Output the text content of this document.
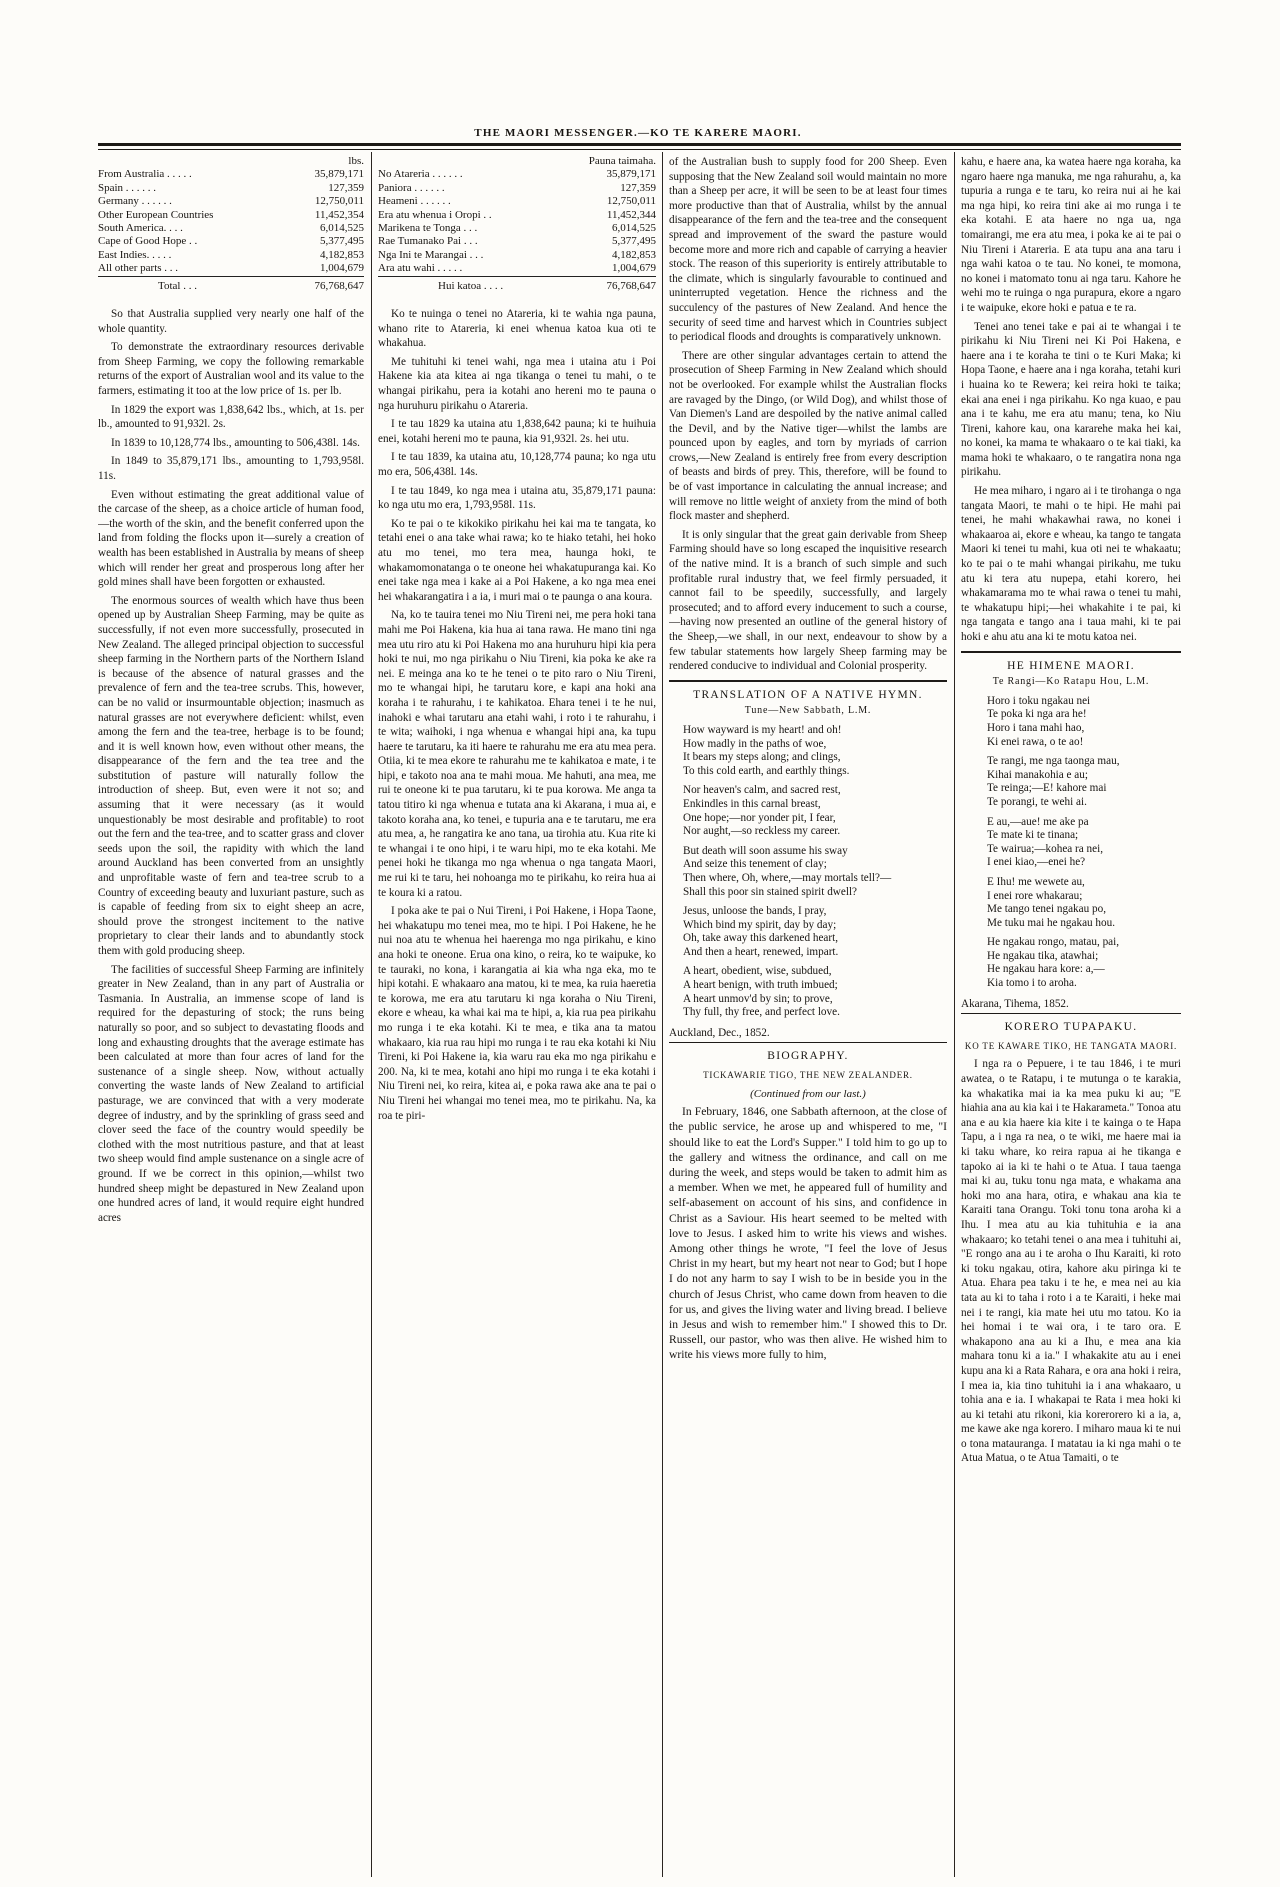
THE MAORI MESSENGER.—KO TE KARERE MAORI.
	lbs.
From Australia . . . . .	35,879,171
Spain . . . . . .	127,359
Germany . . . . . .	12,750,011
Other European Countries	11,452,354
South America. . . .	6,014,525
Cape of Good Hope . .	5,377,495
East Indies. . . . .	4,182,853
All other parts . . .	1,004,679
Total . . .	76,768,647

So that Australia supplied very nearly one half of the whole quantity.

To demonstrate the extraordinary resources derivable from Sheep Farming, we copy the following remarkable returns of the export of Australian wool and its value to the farmers, estimating it too at the low price of 1s. per lb.

In 1829 the export was 1,838,642 lbs., which, at 1s. per lb., amounted to 91,932l. 2s.

In 1839 to 10,128,774 lbs., amounting to 506,438l. 14s.

In 1849 to 35,879,171 lbs., amounting to 1,793,958l. 11s.

Even without estimating the great additional value of the carcase of the sheep, as a choice article of human food,—the worth of the skin, and the benefit conferred upon the land from folding the flocks upon it—surely a creation of wealth has been established in Australia by means of sheep which will render her great and prosperous long after her gold mines shall have been forgotten or exhausted.

The enormous sources of wealth which have thus been opened up by Australian Sheep Farming, may be quite as successfully, if not even more successfully, prosecuted in New Zealand. The alleged principal objection to successful sheep farming in the Northern parts of the Northern Island is because of the absence of natural grasses and the prevalence of fern and the tea-tree scrubs. This, however, can be no valid or insurmountable objection; inasmuch as natural grasses are not everywhere deficient: whilst, even among the fern and the tea-tree, herbage is to be found; and it is well known how, even without other means, the disappearance of the fern and the tea tree and the substitution of pasture will naturally follow the introduction of sheep. But, even were it not so; and assuming that it were necessary (as it would unquestionably be most desirable and profitable) to root out the fern and the tea-tree, and to scatter grass and clover seeds upon the soil, the rapidity with which the land around Auckland has been converted from an unsightly and unprofitable waste of fern and tea-tree scrub to a Country of exceeding beauty and luxuriant pasture, such as is capable of feeding from six to eight sheep an acre, should prove the strongest incitement to the native proprietary to clear their lands and to abundantly stock them with gold producing sheep.

The facilities of successful Sheep Farming are infinitely greater in New Zealand, than in any part of Australia or Tasmania. In Australia, an immense scope of land is required for the depasturing of stock; the runs being naturally so poor, and so subject to devastating floods and long and exhausting droughts that the average estimate has been calculated at more than four acres of land for the sustenance of a single sheep. Now, without actually converting the waste lands of New Zealand to artificial pasturage, we are convinced that with a very moderate degree of industry, and by the sprinkling of grass seed and clover seed the face of the country would speedily be clothed with the most nutritious pasture, and that at least two sheep would find ample sustenance on a single acre of ground. If we be correct in this opinion,—whilst two hundred sheep might be depastured in New Zealand upon one hundred acres of land, it would require eight hundred acres

	Pauna taimaha.
No Atareria . . . . . .	35,879,171
Paniora . . . . . .	127,359
Heameni . . . . . .	12,750,011
Era atu whenua i Oropi . .	11,452,344
Marikena te Tonga . . .	6,014,525
Rae Tumanako Pai . . .	5,377,495
Nga Ini te Marangai . . .	4,182,853
Ara atu wahi . . . . .	1,004,679
Hui katoa . . . .	76,768,647

Ko te nuinga o tenei no Atareria, ki te wahia nga pauna, whano rite to Atareria, ki enei whenua katoa kua oti te whakahua.

Me tuhituhi ki tenei wahi, nga mea i utaina atu i Poi Hakene kia ata kitea ai nga tikanga o tenei tu mahi, o te whangai pirikahu, pera ia kotahi ano hereni mo te pauna o nga huruhuru pirikahu o Atareria.

I te tau 1829 ka utaina atu 1,838,642 pauna; ki te huihuia enei, kotahi hereni mo te pauna, kia 91,932l. 2s. hei utu.

I te tau 1839, ka utaina atu, 10,128,774 pauna; ko nga utu mo era, 506,438l. 14s.

I te tau 1849, ko nga mea i utaina atu, 35,879,171 pauna: ko nga utu mo era, 1,793,958l. 11s.

Ko te pai o te kikokiko pirikahu hei kai ma te tangata, ko tetahi enei o ana take whai rawa; ko te hiako tetahi, hei hoko atu mo tenei, mo tera mea, haunga hoki, te whakamomonatanga o te oneone hei whakatupuranga kai. Ko enei take nga mea i kake ai a Poi Hakene, a ko nga mea enei hei whakarangatira i a ia, i muri mai o te paunga o ana koura.

Na, ko te tauira tenei mo Niu Tireni nei, me pera hoki tana mahi me Poi Hakena, kia hua ai tana rawa. He mano tini nga mea utu riro atu ki Poi Hakena mo ana huruhuru hipi kia pera hoki te nui, mo nga pirikahu o Niu Tireni, kia poka ke ake ra nei. E meinga ana ko te he tenei o te pito raro o Niu Tireni, mo te whangai hipi, he tarutaru kore, e kapi ana hoki ana koraha i te rahurahu, i te kahikatoa. Ehara tenei i te he nui, inahoki e whai tarutaru ana etahi wahi, i roto i te rahurahu, i te wita; waihoki, i nga whenua e whangai hipi ana, ka tupu haere te tarutaru, ka iti haere te rahurahu me era atu mea pera. Otiia, ki te mea ekore te rahurahu me te kahikatoa e mate, i te hipi, e takoto noa ana te mahi moua. Me hahuti, ana mea, me rui te oneone ki te pua tarutaru, ki te pua korowa. Me anga ta tatou titiro ki nga whenua e tutata ana ki Akarana, i mua ai, e takoto koraha ana, ko tenei, e tupuria ana e te tarutaru, me era atu mea, a, he rangatira ke ano tana, ua tirohia atu. Kua rite ki te whangai i te ono hipi, i te waru hipi, mo te eka kotahi. Me penei hoki he tikanga mo nga whenua o nga tangata Maori, me rui ki te taru, hei nohoanga mo te pirikahu, ko reira hua ai te koura ki a ratou.

I poka ake te pai o Nui Tireni, i Poi Hakene, i Hopa Taone, hei whakatupu mo tenei mea, mo te hipi. I Poi Hakene, he he nui noa atu te whenua hei haerenga mo nga pirikahu, e kino ana hoki te oneone. Erua ona kino, o reira, ko te waipuke, ko te tauraki, no kona, i karangatia ai kia wha nga eka, mo te hipi kotahi. E whakaaro ana matou, ki te mea, ka ruia haeretia te korowa, me era atu tarutaru ki nga koraha o Niu Tireni, ekore e wheau, ka whai kai ma te hipi, a, kia rua pea pirikahu mo runga i te eka kotahi. Ki te mea, e tika ana ta matou whakaaro, kia rua rau hipi mo runga i te rau eka kotahi ki Niu Tireni, ki Poi Hakene ia, kia waru rau eka mo nga pirikahu e 200. Na, ki te mea, kotahi ano hipi mo runga i te eka kotahi i Niu Tireni nei, ko reira, kitea ai, e poka rawa ake ana te pai o Niu Tireni hei whangai mo tenei mea, mo te pirikahu. Na, ka roa te piri-

of the Australian bush to supply food for 200 Sheep. Even supposing that the New Zealand soil would maintain no more than a Sheep per acre, it will be seen to be at least four times more productive than that of Australia, whilst by the annual disappearance of the fern and the tea-tree and the consequent spread and improvement of the sward the pasture would become more and more rich and capable of carrying a heavier stock. The reason of this superiority is entirely attributable to the climate, which is singularly favourable to continued and uninterrupted vegetation. Hence the richness and the succulency of the pastures of New Zealand. And hence the security of seed time and harvest which in Countries subject to periodical floods and droughts is comparatively unknown.

There are other singular advantages certain to attend the prosecution of Sheep Farming in New Zealand which should not be overlooked. For example whilst the Australian flocks are ravaged by the Dingo, (or Wild Dog), and whilst those of Van Diemen's Land are despoiled by the native animal called the Devil, and by the Native tiger—whilst the lambs are pounced upon by eagles, and torn by myriads of carrion crows,—New Zealand is entirely free from every description of beasts and birds of prey. This, therefore, will be found to be of vast importance in calculating the annual increase; and will remove no little weight of anxiety from the mind of both flock master and shepherd.

It is only singular that the great gain derivable from Sheep Farming should have so long escaped the inquisitive research of the native mind. It is a branch of such simple and such profitable rural industry that, we feel firmly persuaded, it cannot fail to be speedily, successfully, and largely prosecuted; and to afford every inducement to such a course,—having now presented an outline of the general history of the Sheep,—we shall, in our next, endeavour to show by a few tabular statements how largely Sheep farming may be rendered conducive to individual and Colonial prosperity.

TRANSLATION OF A NATIVE HYMN.
Tune—New Sabbath, L.M.
How wayward is my heart! and oh!
How madly in the paths of woe,
It bears my steps along; and clings,
To this cold earth, and earthly things.
Nor heaven's calm, and sacred rest,
Enkindles in this carnal breast,
One hope;—nor yonder pit, I fear,
Nor aught,—so reckless my career.
But death will soon assume his sway
And seize this tenement of clay;
Then where, Oh, where,—may mortals tell?—
Shall this poor sin stained spirit dwell?
Jesus, unloose the bands, I pray,
Which bind my spirit, day by day;
Oh, take away this darkened heart,
And then a heart, renewed, impart.
A heart, obedient, wise, subdued,
A heart benign, with truth imbued;
A heart unmov'd by sin; to prove,
Thy full, thy free, and perfect love.
Auckland, Dec., 1852.
BIOGRAPHY.
TICKAWARIE TIGO, THE NEW ZEALANDER.
(Continued from our last.)

In February, 1846, one Sabbath afternoon, at the close of the public service, he arose up and whispered to me, "I should like to eat the Lord's Supper." I told him to go up to the gallery and witness the ordinance, and call on me during the week, and steps would be taken to admit him as a member. When we met, he appeared full of humility and self-abasement on account of his sins, and confidence in Christ as a Saviour. His heart seemed to be melted with love to Jesus. I asked him to write his views and wishes. Among other things he wrote, "I feel the love of Jesus Christ in my heart, but my heart not near to God; but I hope I do not any harm to say I wish to be in beside you in the church of Jesus Christ, who came down from heaven to die for us, and gives the living water and living bread. I believe in Jesus and wish to remember him." I showed this to Dr. Russell, our pastor, who was then alive. He wished him to write his views more fully to him,

kahu, e haere ana, ka watea haere nga koraha, ka ngaro haere nga manuka, me nga rahurahu, a, ka tupuria a runga e te taru, ko reira nui ai he kai ma nga hipi, ko reira tini ake ai mo runga i te eka kotahi. E ata haere no nga ua, nga tomairangi, me era atu mea, i poka ke ai te pai o Niu Tireni i Atareria. E ata tupu ana ana taru i nga wahi katoa o te tau. No konei, te momona, no konei i matomato tonu ai nga taru. Kahore he wehi mo te ruinga o nga purapura, ekore a ngaro i te waipuke, ekore hoki e patua e te ra.

Tenei ano tenei take e pai ai te whangai i te pirikahu ki Niu Tireni nei Ki Poi Hakena, e haere ana i te koraha te tini o te Kuri Maka; ki Hopa Taone, e haere ana i nga koraha, tetahi kuri i huaina ko te Rewera; kei reira hoki te taika; ekai ana enei i nga pirikahu. Ko nga kuao, e pau ana i te kahu, me era atu manu; tena, ko Niu Tireni, kahore kau, ona kararehe maka hei kai, no konei, ka mama te whakaaro o te kai tiaki, ka mama hoki te whakaaro, o te rangatira nona nga pirikahu.

He mea miharo, i ngaro ai i te tirohanga o nga tangata Maori, te mahi o te hipi. He mahi pai tenei, he mahi whakawhai rawa, no konei i whakaaroa ai, ekore e wheau, ka tango te tangata Maori ki tenei tu mahi, kua oti nei te whakaatu; ko te pai o te mahi whangai pirikahu, me tuku atu ki tera atu nupepa, etahi korero, hei whakamarama mo te whai rawa o tenei tu mahi, te whakatupu hipi;—hei whakahite i te pai, ki nga tangata e tango ana i taua mahi, ki te pai hoki e ahu atu ana ki te motu katoa nei.

HE HIMENE MAORI.
Te Rangi—Ko Ratapu Hou, L.M.
Horo i toku ngakau nei
Te poka ki nga ara he!
Horo i tana mahi hao,
Ki enei rawa, o te ao!
Te rangi, me nga taonga mau,
Kihai manakohia e au;
Te reinga;—E! kahore mai
Te porangi, te wehi ai.
E au,—aue! me ake pa
Te mate ki te tinana;
Te wairua;—kohea ra nei,
I enei kiao,—enei he?
E Ihu! me wewete au,
I enei rore whakarau;
Me tango tenei ngakau po,
Me tuku mai he ngakau hou.
He ngakau rongo, matau, pai,
He ngakau tika, atawhai;
He ngakau hara kore: a,—
Kia tomo i to aroha.
Akarana, Tihema, 1852.
KORERO TUPAPAKU.
KO TE KAWARE TIKO, HE TANGATA MAORI.

I nga ra o Pepuere, i te tau 1846, i te muri awatea, o te Ratapu, i te mutunga o te karakia, ka whakatika mai ia ka mea puku ki au; "E hiahia ana au kia kai i te Hakarameta." Tonoa atu ana e au kia haere kia kite i te kainga o te Hapa Tapu, a i nga ra nea, o te wiki, me haere mai ia ki taku whare, ko reira rapua ai he tikanga e tapoko ai ia ki te hahi o te Atua. I taua taenga mai ki au, tuku tonu nga mata, e whakama ana hoki mo ana hara, otira, e whakau ana kia te Karaiti tana Orangu. Toki tonu tona aroha ki a Ihu. I mea atu au kia tuhituhia e ia ana whakaaro; ko tetahi tenei o ana mea i tuhituhi ai, "E rongo ana au i te aroha o Ihu Karaiti, ki roto ki toku ngakau, otira, kahore aku piringa ki te Atua. Ehara pea taku i te he, e mea nei au kia tata au ki to taha i roto i a te Karaiti, i heke mai nei i te rangi, kia mate hei utu mo tatou. Ko ia hei homai i te wai ora, i te taro ora. E whakapono ana au ki a Ihu, e mea ana kia mahara tonu ki a ia." I whakakite atu au i enei kupu ana ki a Rata Rahara, e ora ana hoki i reira, I mea ia, kia tino tuhituhi ia i ana whakaaro, u tohia ana e ia. I whakapai te Rata i mea hoki ki au ki tetahi atu rikoni, kia korerorero ki a ia, a, me kawe ake nga korero. I miharo maua ki te nui o tona matauranga. I matatau ia ki nga mahi o te Atua Matua, o te Atua Tamaiti, o te
